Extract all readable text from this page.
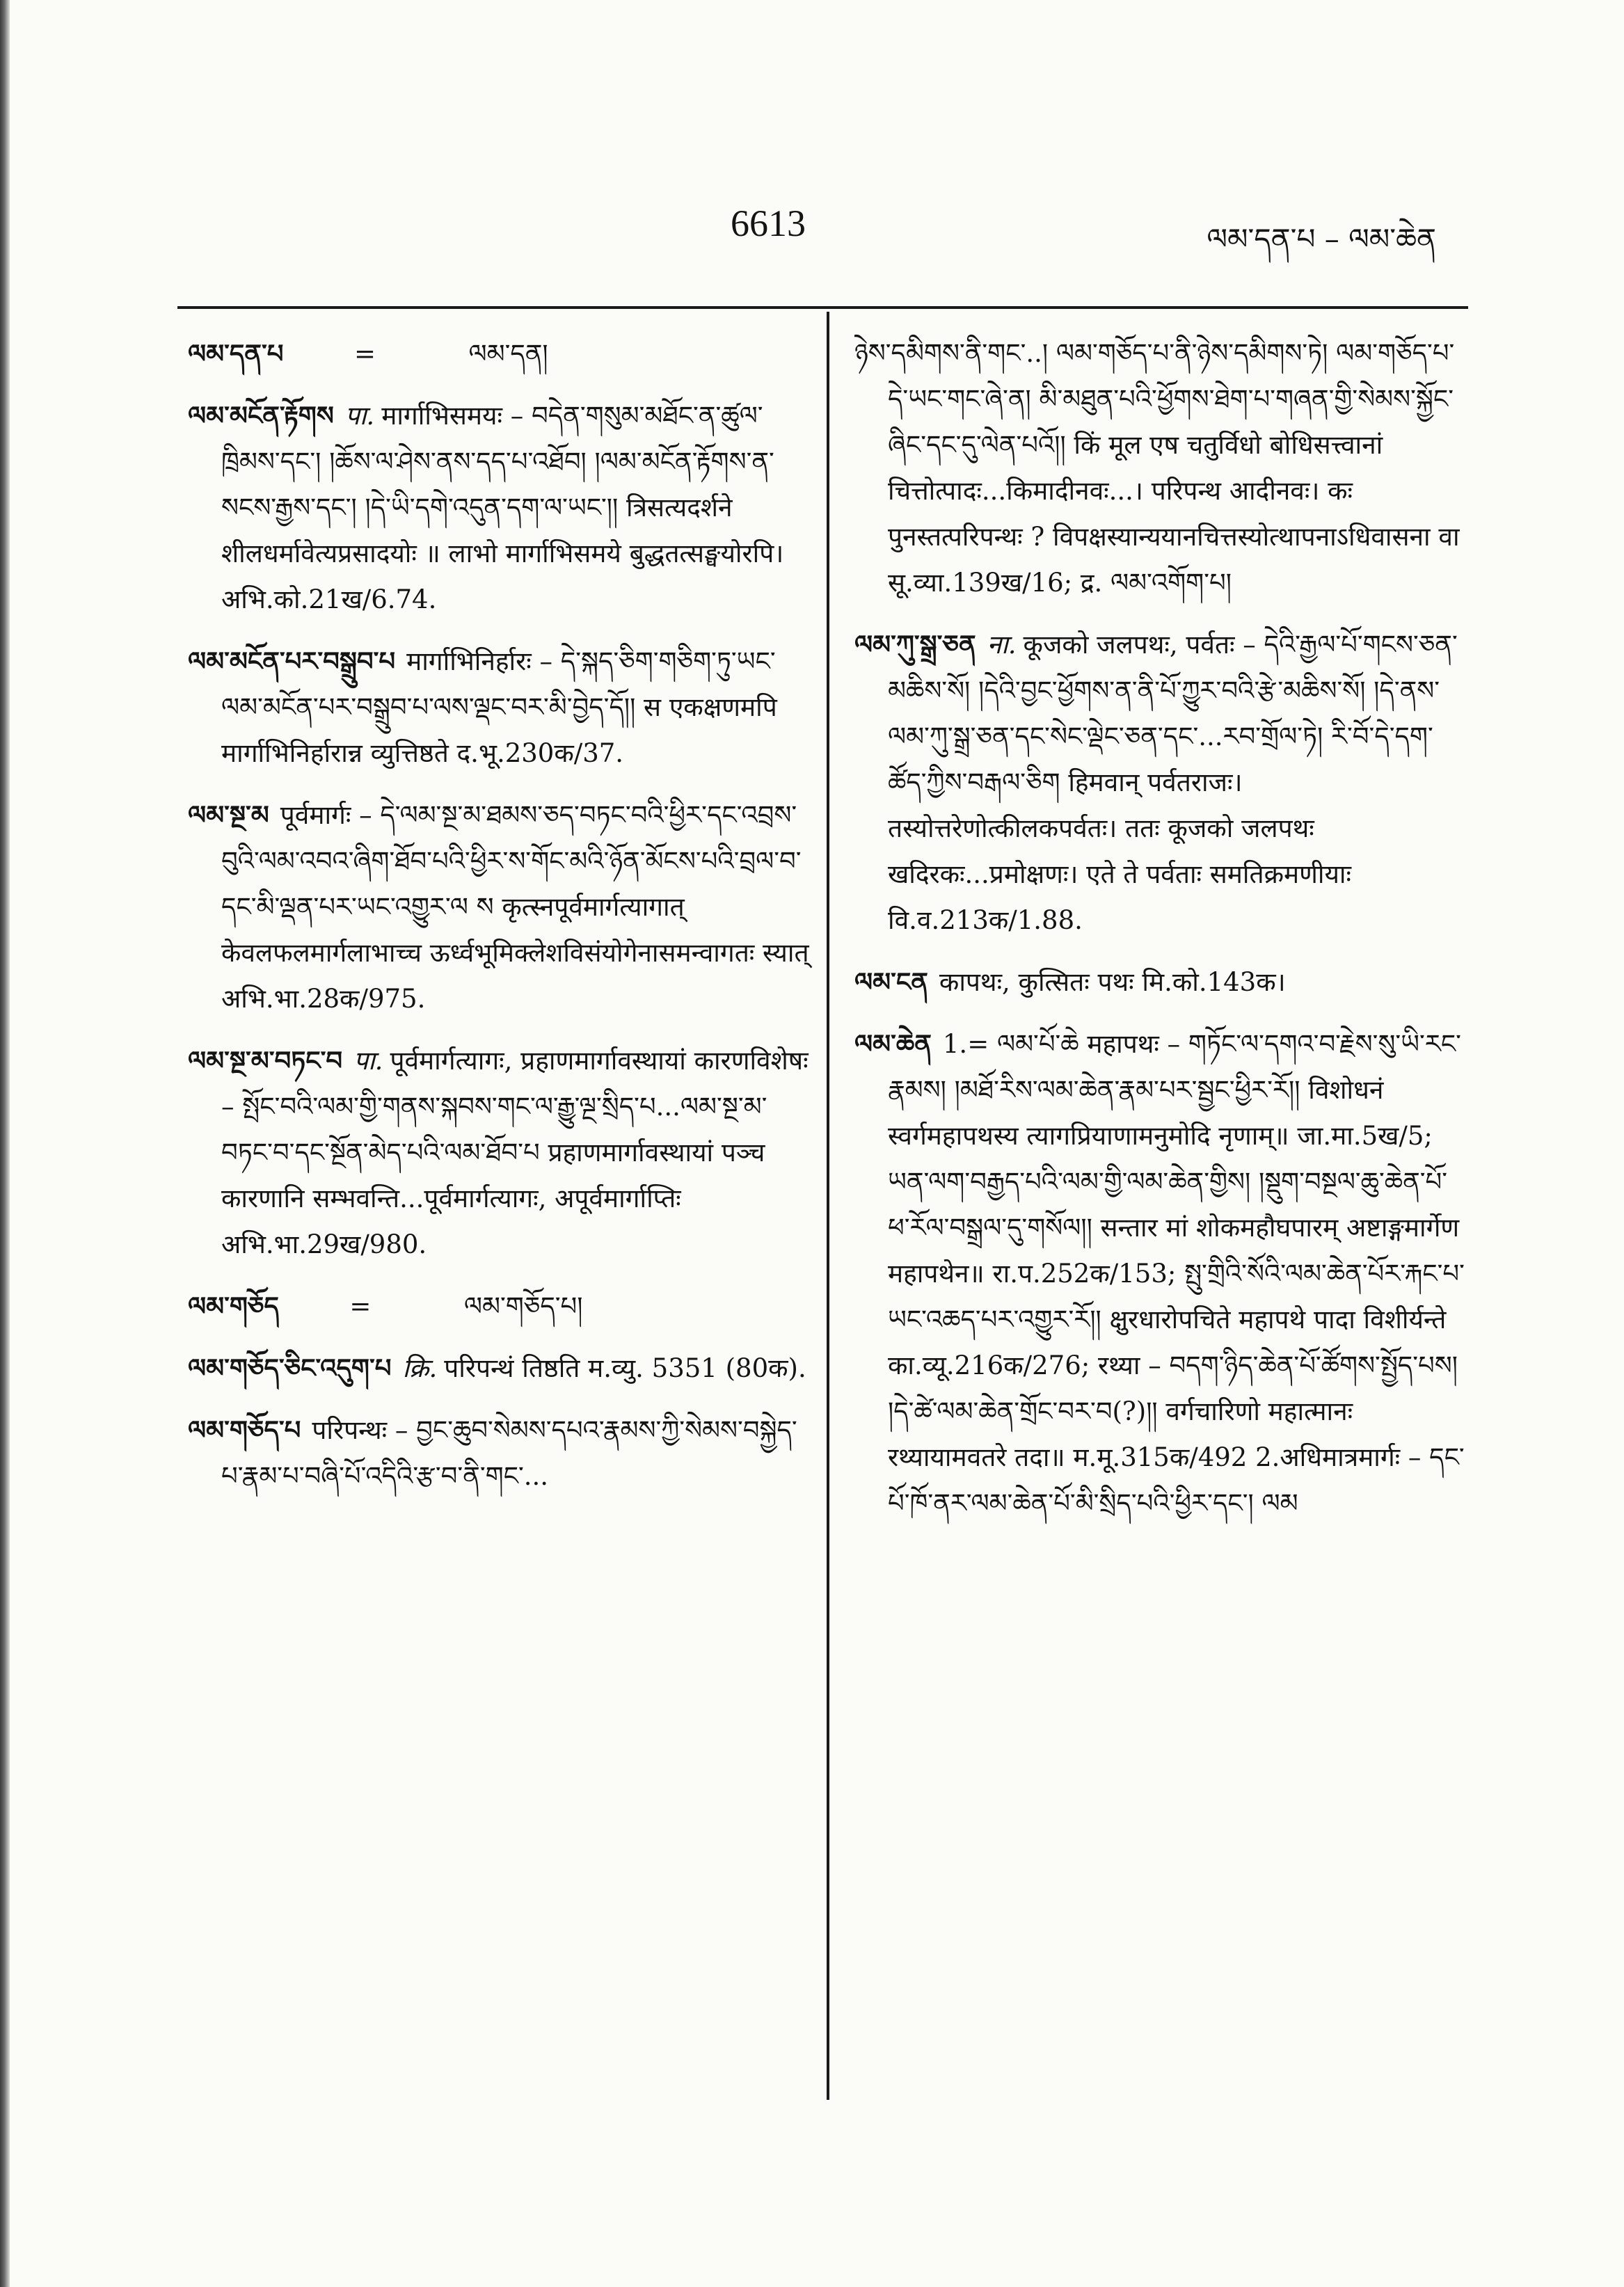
6613	ལམ་དན་པ – ལམ་ཆེན
ལམ་དན་པ	=	ལམ་དན།
ལམ་མངོན་རྟོགས पा. मार्गाभिसमयः – བདེན་གསུམ་མཐོང་ན་ཚུལ་ཁྲིམས་དང་། །ཆོས་ལ་ཤེས་ནས་དད་པ་འཐོབ། །ལམ་མངོན་རྟོགས་ན་སངས་རྒྱས་དང་། །དེ་ཡི་དགེ་འདུན་དག་ལ་ཡང་།། त्रिसत्यदर्शने शीलधर्मावेत्यप्रसादयोः ॥ लाभो मार्गाभिसमये बुद्धतत्सङ्घयोरपि। अभि.को.21ख/6.74.
ལམ་མངོན་པར་བསྒྲུབ་པ मार्गाभिनिर्हारः – དེ་སྐད་ཅིག་གཅིག་ཏུ་ཡང་ལམ་མངོན་པར་བསྒྲུབ་པ་ལས་ལྡང་བར་མི་བྱེད་དོ།། स एकक्षणमपि मार्गाभिनिर्हारान्न व्युत्तिष्ठते द.भू.230क/37.
ལམ་སྔ་མ पूर्वमार्गः – དེ་ལམ་སྔ་མ་ཐམས་ཅད་བཏང་བའི་ཕྱིར་དང་འབྲས་བུའི་ལམ་འབའ་ཞིག་ཐོབ་པའི་ཕྱིར་ས་གོང་མའི་ཉོན་མོངས་པའི་བྲལ་བ་དང་མི་ལྡན་པར་ཡང་འགྱུར་ལ ས कृत्स्नपूर्वमार्गत्यागात् केवलफलमार्गलाभाच्च ऊर्ध्वभूमिक्लेशविसंयोगेनासमन्वागतः स्यात् अभि.भा.28क/975.
ལམ་སྔ་མ་བཏང་བ पा. पूर्वमार्गत्यागः, प्रहाणमार्गावस्थायां कारणविशेषः – སྤོང་བའི་ལམ་གྱི་གནས་སྐབས་གང་ལ་རྒྱུ་ལྔ་སྲིད་པ...ལམ་སྔ་མ་བཏང་བ་དང་སྔོན་མེད་པའི་ལམ་ཐོབ་པ प्रहाणमार्गावस्थायां पञ्च कारणानि सम्भवन्ति...पूर्वमार्गत्यागः, अपूर्वमार्गाप्तिः अभि.भा.29ख/980.
ལམ་གཅོད	=	ལམ་གཅོད་པ།
ལམ་གཅོད་ཅིང་འདུག་པ क्रि. परिपन्थं तिष्ठति म.व्यु. 5351 (80क).
ལམ་གཅོད་པ परिपन्थः – བྱང་ཆུབ་སེམས་དཔའ་རྣམས་ཀྱི་སེམས་བསྐྱེད་པ་རྣམ་པ་བཞི་པོ་འདིའི་རྩ་བ་ནི་གང་...
ཉེས་དམིགས་ནི་གང་..། ལམ་གཅོད་པ་ནི་ཉེས་དམིགས་ཏེ། ལམ་གཅོད་པ་དེ་ཡང་གང་ཞེ་ན། མི་མཐུན་པའི་ཕྱོགས་ཐེག་པ་གཞན་གྱི་སེམས་སྐྱོང་ཞིང་དང་དུ་ལེན་པའོ།། किं मूल एष चतुर्विधो बोधिसत्त्वानां चित्तोत्पादः...किमादीनवः...। परिपन्थ आदीनवः। कः पुनस्तत्परिपन्थः ? विपक्षस्यान्ययानचित्तस्योत्थापनाऽधिवासना वा सू.व्या.139ख/16; द्र. ལམ་འགོག་པ།
ལམ་ཀུ་སྒྲ་ཅན ना. कूजको जलपथः, पर्वतः – དེའི་རྒྱལ་པོ་གངས་ཅན་མཆིས་སོ། །དེའི་བྱང་ཕྱོགས་ན་ནི་པོ་ཀྱུར་བའི་རྩེ་མཆིས་སོ། །དེ་ནས་ལམ་ཀུ་སྒྲ་ཅན་དང་སེང་ལྡེང་ཅན་དང་...རབ་གྲོལ་ཏེ། རི་བོ་དེ་དག་ཚོད་ཀྱིས་བརྒལ་ཅིག हिमवान् पर्वतराजः। तस्योत्तरेणोत्कीलकपर्वतः। ततः कूजको जलपथः खदिरकः...प्रमोक्षणः। एते ते पर्वताः समतिक्रमणीयाः वि.व.213क/1.88.
ལམ་ངན कापथः, कुत्सितः पथः मि.को.143क।
ལམ་ཆེན 1.= ལམ་པོ་ཆེ महापथः – གཏོང་ལ་དགའ་བ་རྗེས་སུ་ཡི་རང་རྣམས། །མཐོ་རིས་ལམ་ཆེན་རྣམ་པར་སྦྱང་ཕྱིར་རོ།། विशोधनं स्वर्गमहापथस्य त्यागप्रियाणामनुमोदि नृणाम्॥ जा.मा.5ख/5; ཡན་ལག་བརྒྱད་པའི་ལམ་གྱི་ལམ་ཆེན་གྱིས། །སྡུག་བསྔལ་ཆུ་ཆེན་པོ་ཕ་རོལ་བསྒྲལ་དུ་གསོལ།། सन्तार मां शोकमहौघपारम् अष्टाङ्गमार्गेण महापथेन॥ रा.प.252क/153; སྤུ་གྲིའི་སོའི་ལམ་ཆེན་པོར་རྐང་པ་ཡང་འཆད་པར་འགྱུར་རོ།། क्षुरधारोपचिते महापथे पादा विशीर्यन्ते का.व्यू.216क/276; रथ्या – བདག་ཉིད་ཆེན་པོ་ཚོགས་སྤྱོད་པས། །དེ་ཚེ་ལམ་ཆེན་གྲོང་བར་བ(?)།། वर्गचारिणो महात्मानः रथ्यायामवतरे तदा॥ म.मू.315क/492 2.अधिमात्रमार्गः – དང་པོ་ཁོ་ནར་ལམ་ཆེན་པོ་མི་སྲིད་པའི་ཕྱིར་དང་། ལམ
